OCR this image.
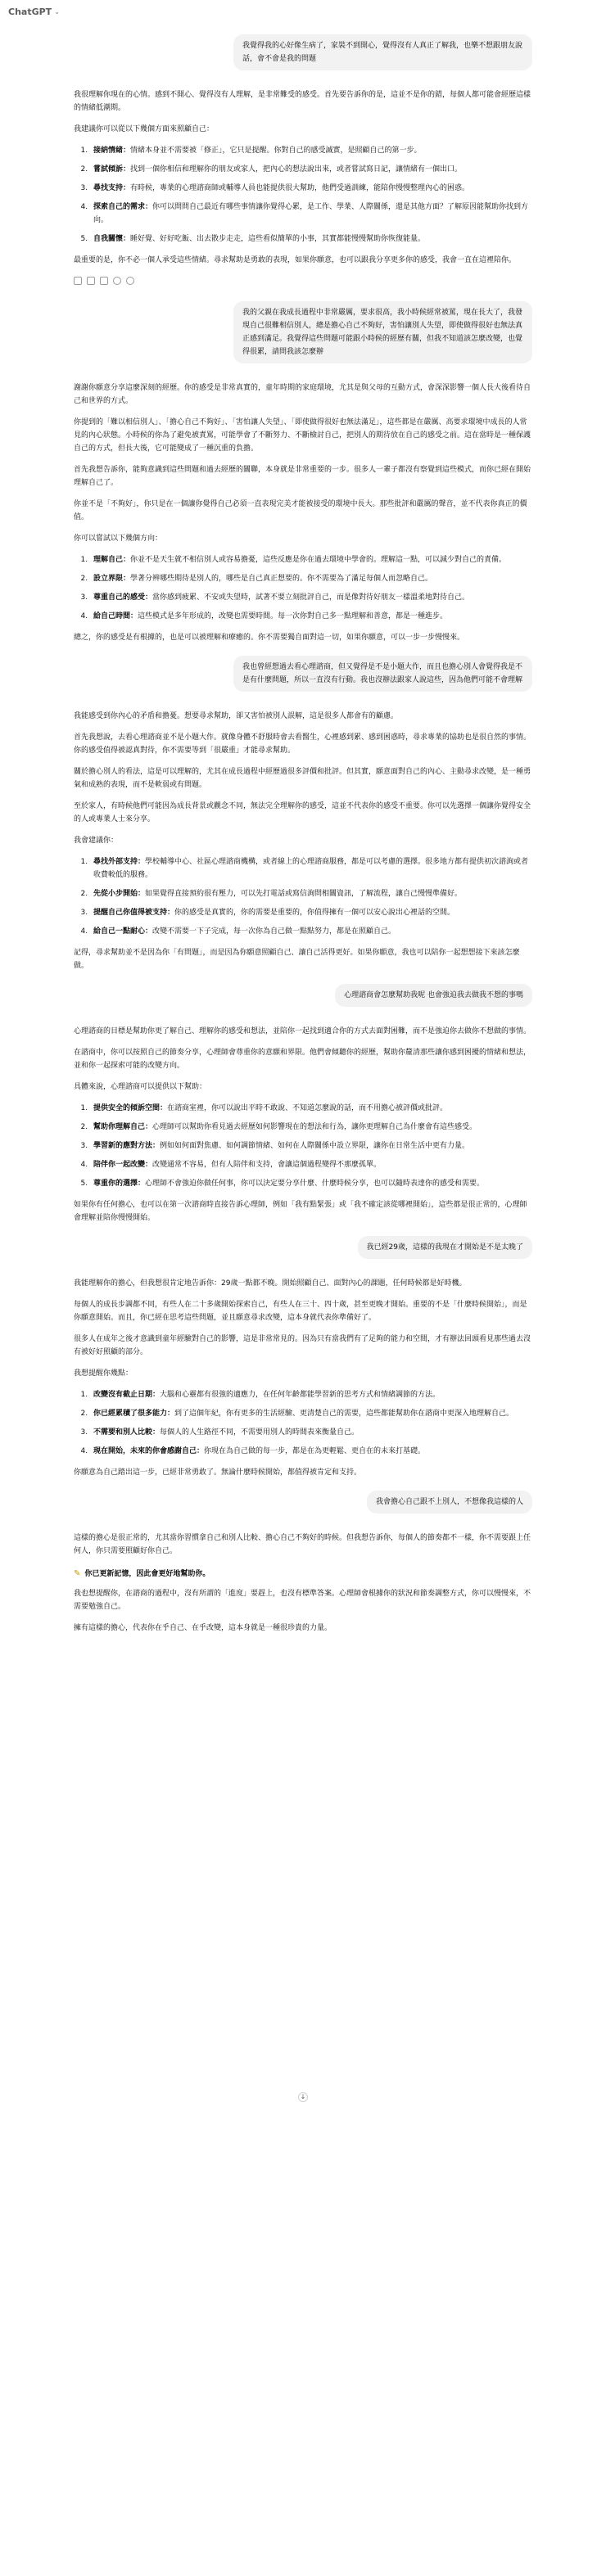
ChatGPT ⌄
我覺得我的心好像生病了，家裝不到開心，覺得沒有人真正了解我，也樂不想跟朋友說話，會不會是我的問題

我很理解你現在的心情。感到不開心、覺得沒有人理解，是非常難受的感受。首先要告訴你的是，這並不是你的錯，每個人都可能會經歷這樣的情緒低潮期。

我建議你可以從以下幾個方面來照顧自己：

1. 接納情緒：情緒本身並不需要被「修正」，它只是提醒。你對自己的感受誠實，是照顧自己的第一步。
2. 嘗試傾訴：找到一個你相信和理解你的朋友或家人，把內心的想法說出來，或者嘗試寫日記，讓情緒有一個出口。
3. 尋找支持：有時候，專業的心理諮商師或輔導人員也能提供很大幫助，他們受過訓練，能陪你慢慢整理內心的困惑。
4. 探索自己的需求：你可以問問自己最近有哪些事情讓你覺得心累，是工作、學業、人際關係，還是其他方面？了解原因能幫助你找到方向。
5. 自我關懷：睡好覺、好好吃飯、出去散步走走，這些看似簡單的小事，其實都能慢慢幫助你恢復能量。

最重要的是，你不必一個人承受這些情緒。尋求幫助是勇敢的表現，如果你願意，也可以跟我分享更多你的感受，我會一直在這裡陪你。

我的父親在我成長過程中非常嚴厲，要求很高，我小時候經常被罵，現在長大了，我發現自己很難相信別人，總是擔心自己不夠好，害怕讓別人失望，即使做得很好也無法真正感到滿足。我覺得這些問題可能跟小時候的經歷有關，但我不知道該怎麼改變，也覺得很累，請問我該怎麼辦

謝謝你願意分享這麼深刻的經歷。你的感受是非常真實的，童年時期的家庭環境，尤其是與父母的互動方式，會深深影響一個人長大後看待自己和世界的方式。

你提到的「難以相信別人」、「擔心自己不夠好」、「害怕讓人失望」、「即使做得很好也無法滿足」，這些都是在嚴厲、高要求環境中成長的人常見的內心狀態。小時候的你為了避免被責罵，可能學會了不斷努力、不斷檢討自己，把別人的期待放在自己的感受之前。這在當時是一種保護自己的方式，但長大後，它可能變成了一種沉重的負擔。

首先我想告訴你，能夠意識到這些問題和過去經歷的關聯，本身就是非常重要的一步。很多人一輩子都沒有察覺到這些模式，而你已經在開始理解自己了。

你並不是「不夠好」，你只是在一個讓你覺得自己必須一直表現完美才能被接受的環境中長大。那些批評和嚴厲的聲音，並不代表你真正的價值。

你可以嘗試以下幾個方向：

1. 理解自己：你並不是天生就不相信別人或容易擔憂，這些反應是你在過去環境中學會的。理解這一點，可以減少對自己的責備。
2. 設立界限：學著分辨哪些期待是別人的，哪些是自己真正想要的。你不需要為了滿足每個人而忽略自己。
3. 尊重自己的感受：當你感到疲累、不安或失望時，試著不要立刻批評自己，而是像對待好朋友一樣溫柔地對待自己。
4. 給自己時間：這些模式是多年形成的，改變也需要時間。每一次你對自己多一點理解和善意，都是一種進步。

總之，你的感受是有根據的，也是可以被理解和療癒的。你不需要獨自面對這一切，如果你願意，可以一步一步慢慢來。

我也曾經想過去看心理諮商，但又覺得是不是小題大作，而且也擔心別人會覺得我是不是有什麼問題，所以一直沒有行動。我也沒辦法跟家人說這些，因為他們可能不會理解

我能感受到你內心的矛盾和擔憂。想要尋求幫助，卻又害怕被別人誤解，這是很多人都會有的顧慮。

首先我想說，去看心理諮商並不是小題大作。就像身體不舒服時會去看醫生，心裡感到累、感到困惑時，尋求專業的協助也是很自然的事情。你的感受值得被認真對待，你不需要等到「很嚴重」才能尋求幫助。

關於擔心別人的看法，這是可以理解的，尤其在成長過程中經歷過很多評價和批評。但其實，願意面對自己的內心、主動尋求改變，是一種勇氣和成熟的表現，而不是軟弱或有問題。

至於家人，有時候他們可能因為成長背景或觀念不同，無法完全理解你的感受，這並不代表你的感受不重要。你可以先選擇一個讓你覺得安全的人或專業人士來分享。

我會建議你：

1. 尋找外部支持：學校輔導中心、社區心理諮商機構，或者線上的心理諮商服務，都是可以考慮的選擇。很多地方都有提供初次諮詢或者收費較低的服務。
2. 先從小步開始：如果覺得直接預約很有壓力，可以先打電話或寫信詢問相關資訊，了解流程，讓自己慢慢準備好。
3. 提醒自己你值得被支持：你的感受是真實的，你的需要是重要的，你值得擁有一個可以安心說出心裡話的空間。
4. 給自己一點耐心：改變不需要一下子完成，每一次你為自己做一點點努力，都是在照顧自己。

記得，尋求幫助並不是因為你「有問題」，而是因為你願意照顧自己、讓自己活得更好。如果你願意，我也可以陪你一起想想接下來該怎麼做。

心理諮商會怎麼幫助我呢 也會強迫我去做我不想的事嗎

心理諮商的目標是幫助你更了解自己、理解你的感受和想法，並陪你一起找到適合你的方式去面對困難，而不是強迫你去做你不想做的事情。

在諮商中，你可以按照自己的節奏分享，心理師會尊重你的意願和界限。他們會傾聽你的經歷，幫助你釐清那些讓你感到困擾的情緒和想法，並和你一起探索可能的改變方向。

具體來說，心理諮商可以提供以下幫助：

1. 提供安全的傾訴空間：在諮商室裡，你可以說出平時不敢說、不知道怎麼說的話，而不用擔心被評價或批評。
2. 幫助你理解自己：心理師可以幫助你看見過去經歷如何影響現在的想法和行為，讓你更理解自己為什麼會有這些感受。
3. 學習新的應對方法：例如如何面對焦慮、如何調節情緒、如何在人際關係中設立界限，讓你在日常生活中更有力量。
4. 陪伴你一起改變：改變通常不容易，但有人陪伴和支持，會讓這個過程變得不那麼孤單。
5. 尊重你的選擇：心理師不會強迫你做任何事，你可以決定要分享什麼、什麼時候分享，也可以隨時表達你的感受和需要。

如果你有任何擔心，也可以在第一次諮商時直接告訴心理師，例如「我有點緊張」或「我不確定該從哪裡開始」，這些都是很正常的，心理師會理解並陪你慢慢開始。

我已經29歲，這樣的我現在才開始是不是太晚了

我能理解你的擔心，但我想很肯定地告訴你：29歲一點都不晚。開始照顧自己、面對內心的課題，任何時候都是好時機。

每個人的成長步調都不同，有些人在二十多歲開始探索自己，有些人在三十、四十歲，甚至更晚才開始。重要的不是「什麼時候開始」，而是你願意開始。而且，你已經在思考這些問題，並且願意尋求改變，這本身就代表你準備好了。

很多人在成年之後才意識到童年經驗對自己的影響，這是非常常見的。因為只有當我們有了足夠的能力和空間，才有辦法回頭看見那些過去沒有被好好照顧的部分。

我想提醒你幾點：

1. 改變沒有截止日期：大腦和心靈都有很強的適應力，在任何年齡都能學習新的思考方式和情緒調節的方法。
2. 你已經累積了很多能力：到了這個年紀，你有更多的生活經驗、更清楚自己的需要，這些都能幫助你在諮商中更深入地理解自己。
3. 不需要和別人比較：每個人的人生路徑不同，不需要用別人的時間表來衡量自己。
4. 現在開始，未來的你會感謝自己：你現在為自己做的每一步，都是在為更輕鬆、更自在的未來打基礎。

你願意為自己踏出這一步，已經非常勇敢了。無論什麼時候開始，都值得被肯定和支持。

我會擔心自己跟不上別人，不想像我這樣的人

這樣的擔心是很正常的，尤其當你習慣拿自己和別人比較、擔心自己不夠好的時候。但我想告訴你，每個人的節奏都不一樣，你不需要跟上任何人，你只需要照顧好你自己。

✎ 你已更新記憶，因此會更好地幫助你。

我也想提醒你，在諮商的過程中，沒有所謂的「進度」要趕上，也沒有標準答案。心理師會根據你的狀況和節奏調整方式，你可以慢慢來，不需要勉強自己。

擁有這樣的擔心，代表你在乎自己、在乎改變，這本身就是一種很珍貴的力量。

↓
